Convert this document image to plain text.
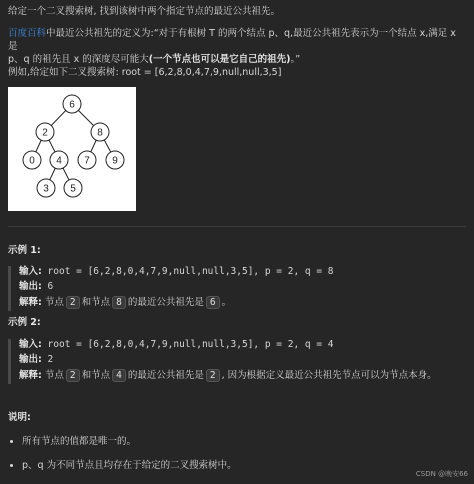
给定一个二叉搜索树, 找到该树中两个指定节点的最近公共祖先。
百度百科中最近公共祖先的定义为:“对于有根树 T 的两个结点 p、q,最近公共祖先表示为一个结点 x,满足 x 是
p、q 的祖先且 x 的深度尽可能大(一个节点也可以是它自己的祖先)。”
例如,给定如下二叉搜索树: root = [6,2,8,0,4,7,9,null,null,3,5]
6
2	8
0 4 7 9
3 5
示例 1:
输入: root = [6,2,8,0,4,7,9,null,null,3,5], p = 2, q = 8
输出: 6
解释: 节点 2 和节点 8 的最近公共祖先是 6 。
示例 2:
输入: root = [6,2,8,0,4,7,9,null,null,3,5], p = 2, q = 4
输出: 2
解释: 节点 2 和节点 4 的最近公共祖先是 2 , 因为根据定义最近公共祖先节点可以为节点本身。
说明:
• 所有节点的值都是唯一的。
• p、q 为不同节点且均存在于给定的二叉搜索树中。
CSDN @晚安66
